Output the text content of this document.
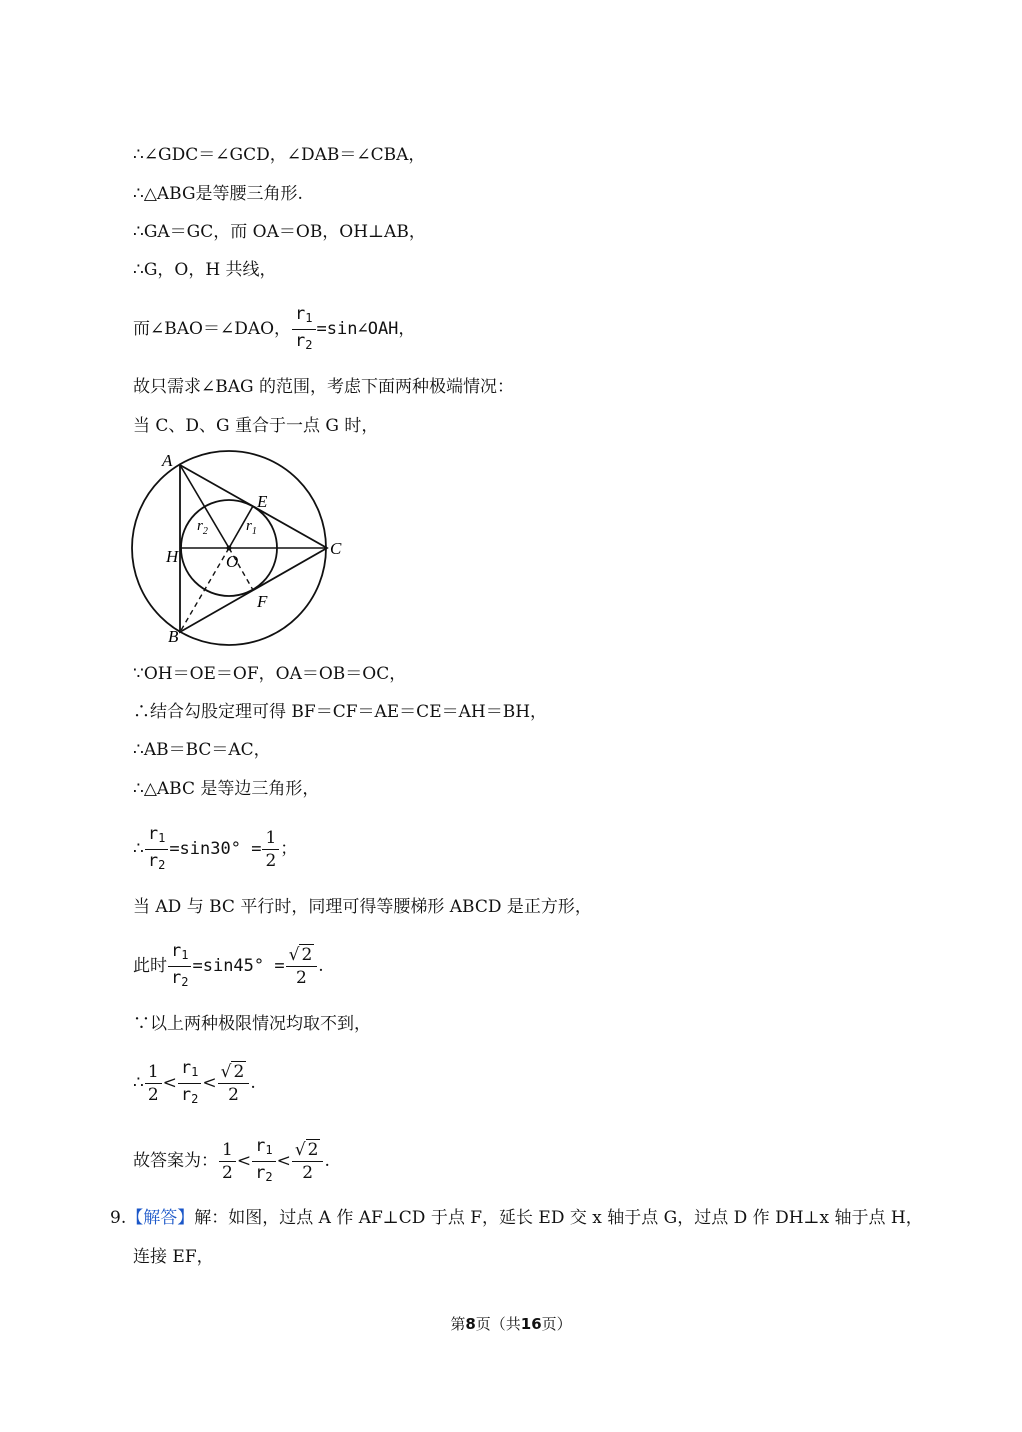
∴∠GDC＝∠GCD，∠DAB＝∠CBA，
∴△ABG是等腰三角形.
∴GA＝GC，而 OA＝OB，OH⊥AB，
∴G，O，H 共线，
而∠BAO＝∠DAO， $\frac{r_1}{r_2}$ =sin∠OAH，
故只需求∠BAG 的范围，考虑下面两种极端情况：
当 C、D、G 重合于一点 G 时，
A
B
C
E
F
H	O
$r_2$	$r_1$
∵OH＝OE＝OF，OA＝OB＝OC，
∴结合勾股定理可得 BF＝CF＝AE＝CE＝AH＝BH，
∴AB＝BC＝AC，
∴△ABC 是等边三角形，
∴ $\frac{r_1}{r_2} =\sin 30^\circ = \frac{1}{2}$ ；
当 AD 与 BC 平行时，同理可得等腰梯形 ABCD 是正方形，
此时 $\frac{r_1}{r_2} =\sin 45^\circ = \frac{√ 2}{2}$ .
∵以上两种极限情况均取不到，
∴ $\frac{1}{2} < \frac{r_1}{r_2} < \frac{√ 2}{2}$ .
故答案为： $\frac{1}{2} < \frac{r_1}{r_2} < \frac{√ 2}{2}$ .
9.【解答】解：如图，过点 A 作 AF⊥CD 于点 F，延长 ED 交 x 轴于点 G，过点 D 作 DH⊥x 轴于点 H，
连接 EF，
第8页（共16页）
